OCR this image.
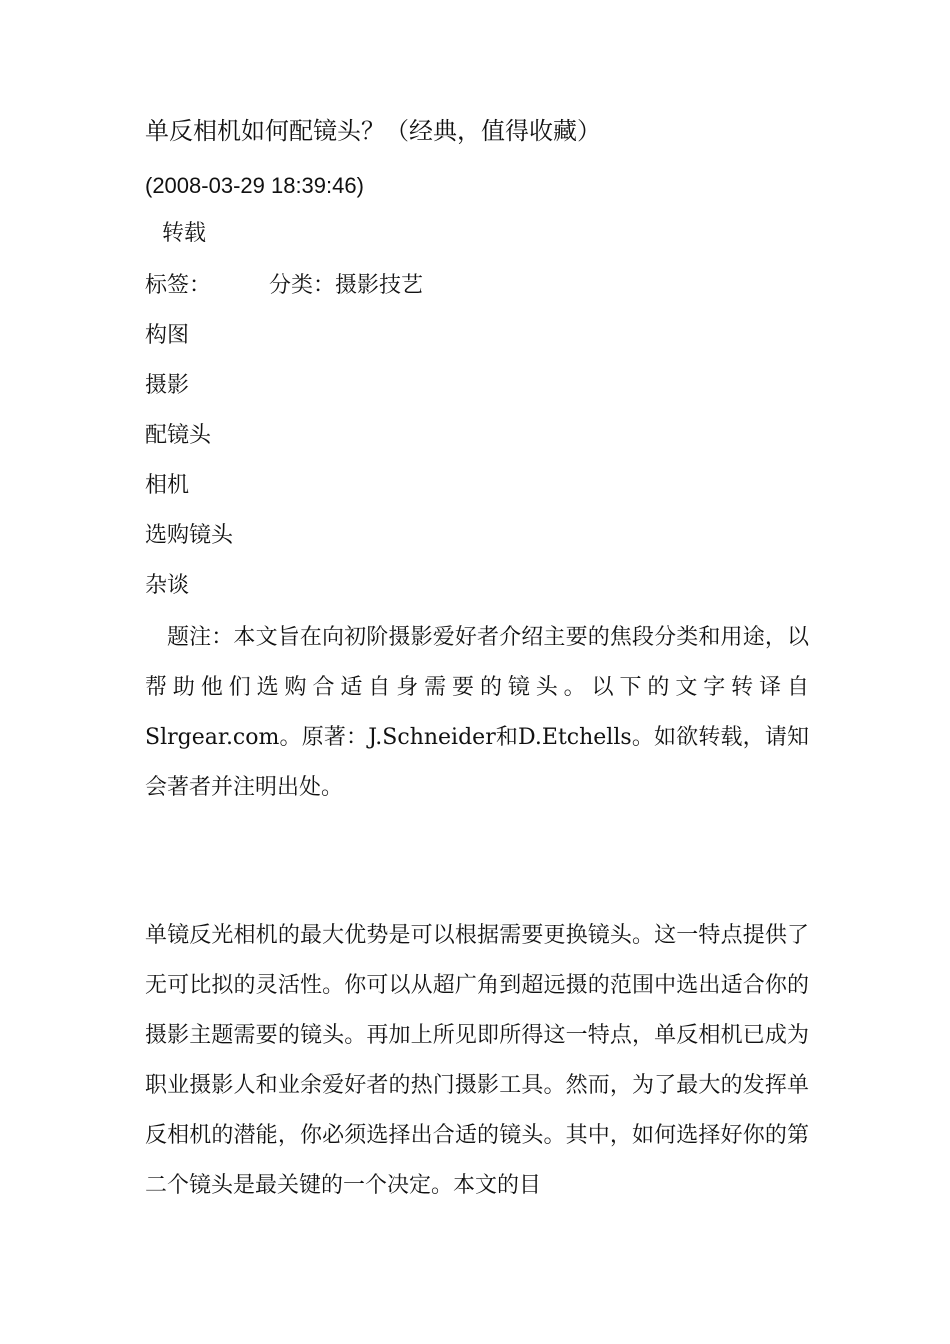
单反相机如何配镜头？（经典，值得收藏）
(2008-03-29 18:39:46)
转载
标签：	分类：摄影技艺
构图
摄影
配镜头
相机
选购镜头
杂谈

题注：本文旨在向初阶摄影爱好者介绍主要的焦段分类和用途，以帮助他们选购合适自身需要的镜头。以下的文字转译自Slrgear.com。原著：J.Schneider和D.Etchells。如欲转载，请知会著者并注明出处。

单镜反光相机的最大优势是可以根据需要更换镜头。这一特点提供了无可比拟的灵活性。你可以从超广角到超远摄的范围中选出适合你的摄影主题需要的镜头。再加上所见即所得这一特点，单反相机已成为职业摄影人和业余爱好者的热门摄影工具。然而，为了最大的发挥单反相机的潜能，你必须选择出合适的镜头。其中，如何选择好你的第二个镜头是最关键的一个决定。本文的目
